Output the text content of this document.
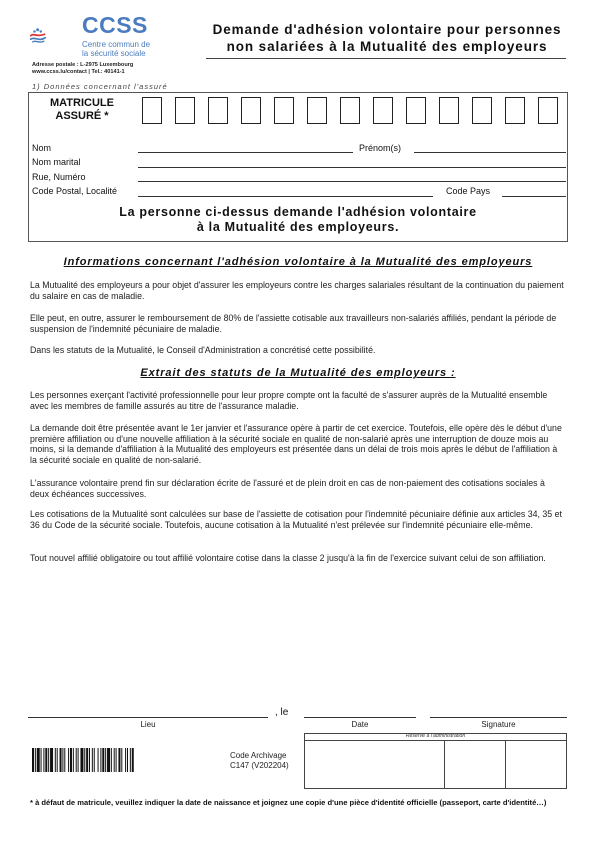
CCSS
Centre commun de
la sécurité sociale
Adresse postale : L-2975 Luxembourg
www.ccss.lu/contact | Tel.: 40141-1
Demande d'adhésion volontaire pour personnes
non salariées à la Mutualité des employeurs
1) Données concernant l'assuré
MATRICULE
ASSURÉ *
Nom	Prénom(s)
Nom marital
Rue, Numéro
Code Postal, Localité	Code Pays
La personne ci-dessus demande l'adhésion volontaire
à la Mutualité des employeurs.
Informations concernant l'adhésion volontaire à la Mutualité des employeurs
La Mutualité des employeurs a pour objet d'assurer les employeurs contre les charges salariales résultant de la continuation du paiement du salaire en cas de maladie.
Elle peut, en outre, assurer le remboursement de 80% de l'assiette cotisable aux travailleurs non-salariés affiliés, pendant la période de suspension de l'indemnité pécuniaire de maladie.
Dans les statuts de la Mutualité, le Conseil d'Administration a concrétisé cette possibilité.
Extrait des statuts de la Mutualité des employeurs :
Les personnes exerçant l'activité professionnelle pour leur propre compte ont la faculté de s'assurer auprès de la Mutualité ensemble avec les membres de famille assurés au titre de l'assurance maladie.
La demande doit être présentée avant le 1er janvier et l'assurance opère à partir de cet exercice. Toutefois, elle opère dès le début d'une première affiliation ou d'une nouvelle affiliation à la sécurité sociale en qualité de non-salarié après une interruption de douze mois au moins, si la demande d'affiliation à la Mutualité des employeurs est présentée dans un délai de trois mois après le début de l'affiliation à la sécurité sociale en qualité de non-salarié.
L'assurance volontaire prend fin sur déclaration écrite de l'assuré et de plein droit en cas de non-paiement des cotisations sociales à deux échéances successives.
Les cotisations de la Mutualité sont calculées sur base de l'assiette de cotisation pour l'indemnité pécuniaire définie aux articles 34, 35 et 36 du Code de la sécurité sociale. Toutefois, aucune cotisation à la Mutualité n'est prélevée sur l'indemnité pécuniaire elle-même.
Tout nouvel affilié obligatoire ou tout affilié volontaire cotise dans la classe 2 jusqu'à la fin de l'exercice suivant celui de son affiliation.
, le
Lieu	Date	Signature
Code Archivage
C147 (V202204)
Réservé à l'administration
* à défaut de matricule, veuillez indiquer la date de naissance et joignez une copie d'une pièce d'identité officielle (passeport, carte d'identité…)
